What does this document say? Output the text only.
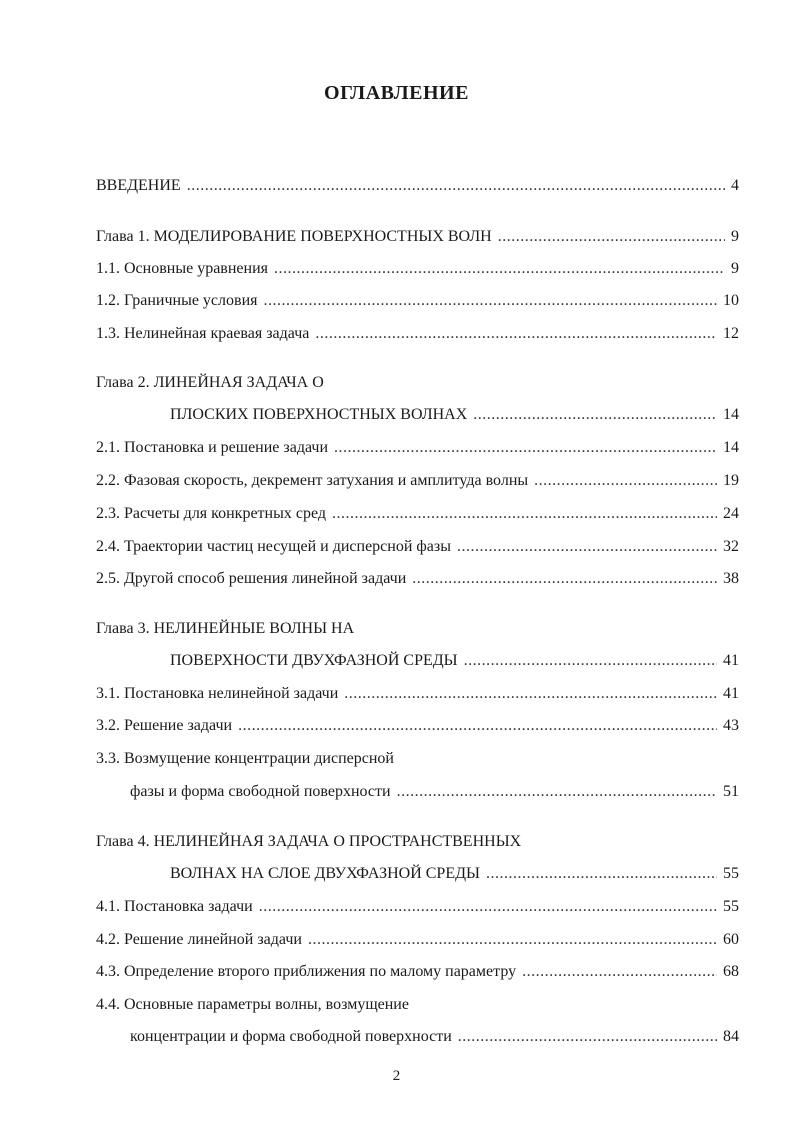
ОГЛАВЛЕНИЕ
ВВЕДЕНИЕ .....	4
Глава 1. МОДЕЛИРОВАНИЕ ПОВЕРХНОСТНЫХ ВОЛН .....	9
1.1. Основные уравнения .....	9
1.2. Граничные условия .....	10
1.3. Нелинейная краевая задача .....	12
Глава 2. ЛИНЕЙНАЯ ЗАДАЧА О
ПЛОСКИХ ПОВЕРХНОСТНЫХ ВОЛНАХ .....	14
2.1. Постановка и решение задачи .....	14
2.2. Фазовая скорость, декремент затухания и амплитуда волны .....	19
2.3. Расчеты для конкретных сред .....	24
2.4. Траектории частиц несущей и дисперсной фазы .....	32
2.5. Другой способ решения линейной задачи .....	38
Глава 3. НЕЛИНЕЙНЫЕ ВОЛНЫ НА
ПОВЕРХНОСТИ ДВУХФАЗНОЙ СРЕДЫ .....	41
3.1. Постановка нелинейной задачи .....	41
3.2. Решение задачи .....	43
3.3. Возмущение концентрации дисперсной
фазы и форма свободной поверхности .....	51
Глава 4. НЕЛИНЕЙНАЯ ЗАДАЧА О ПРОСТРАНСТВЕННЫХ
ВОЛНАХ НА СЛОЕ ДВУХФАЗНОЙ СРЕДЫ .....	55
4.1. Постановка задачи .....	55
4.2. Решение линейной задачи .....	60
4.3. Определение второго приближения по малому параметру .....	68
4.4. Основные параметры волны, возмущение
концентрации и форма свободной поверхности .....	84
2
